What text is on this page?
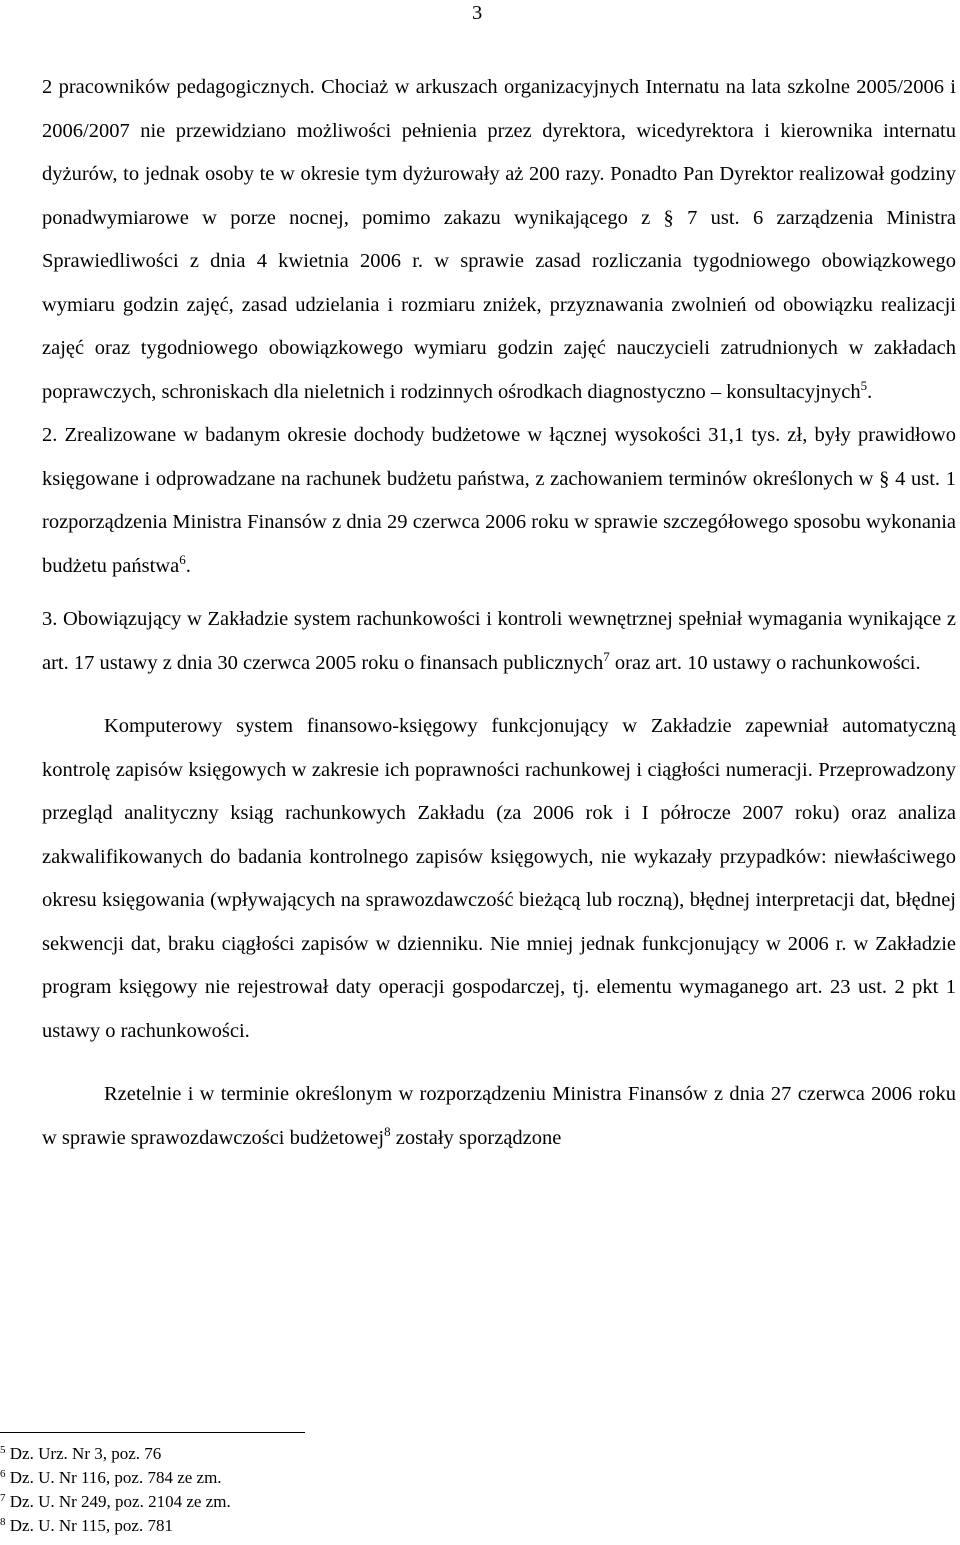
3

2 pracowników pedagogicznych. Chociaż w arkuszach organizacyjnych Internatu na lata szkolne 2005/2006 i 2006/2007 nie przewidziano możliwości pełnienia przez dyrektora, wicedyrektora i kierownika internatu dyżurów, to jednak osoby te w okresie tym dyżurowały aż 200 razy. Ponadto Pan Dyrektor realizował godziny ponadwymiarowe w porze nocnej, pomimo zakazu wynikającego z § 7 ust. 6 zarządzenia Ministra Sprawiedliwości z dnia 4 kwietnia 2006 r. w sprawie zasad rozliczania tygodniowego obowiązkowego wymiaru godzin zajęć, zasad udzielania i rozmiaru zniżek, przyznawania zwolnień od obowiązku realizacji zajęć oraz tygodniowego obowiązkowego wymiaru godzin zajęć nauczycieli zatrudnionych w zakładach poprawczych, schroniskach dla nieletnich i rodzinnych ośrodkach diagnostyczno – konsultacyjnych$^5$.

2. Zrealizowane w badanym okresie dochody budżetowe w łącznej wysokości 31,1 tys. zł, były prawidłowo księgowane i odprowadzane na rachunek budżetu państwa, z zachowaniem terminów określonych w § 4 ust. 1 rozporządzenia Ministra Finansów z dnia 29 czerwca 2006 roku w sprawie szczegółowego sposobu wykonania budżetu państwa$^6$.

3. Obowiązujący w Zakładzie system rachunkowości i kontroli wewnętrznej spełniał wymagania wynikające z art. 17 ustawy z dnia 30 czerwca 2005 roku o finansach publicznych$^7$ oraz art. 10 ustawy o rachunkowości.

Komputerowy system finansowo-księgowy funkcjonujący w Zakładzie zapewniał automatyczną kontrolę zapisów księgowych w zakresie ich poprawności rachunkowej i ciągłości numeracji. Przeprowadzony przegląd analityczny ksiąg rachunkowych Zakładu (za 2006 rok i I półrocze 2007 roku) oraz analiza zakwalifikowanych do badania kontrolnego zapisów księgowych, nie wykazały przypadków: niewłaściwego okresu księgowania (wpływających na sprawozdawczość bieżącą lub roczną), błędnej interpretacji dat, błędnej sekwencji dat, braku ciągłości zapisów w dzienniku. Nie mniej jednak funkcjonujący w 2006 r. w Zakładzie program księgowy nie rejestrował daty operacji gospodarczej, tj. elementu wymaganego art. 23 ust. 2 pkt 1 ustawy o rachunkowości.

Rzetelnie i w terminie określonym w rozporządzeniu Ministra Finansów z dnia 27 czerwca 2006 roku w sprawie sprawozdawczości budżetowej$^8$ zostały sporządzone

$^5$ Dz. Urz. Nr 3, poz. 76
$^6$ Dz. U. Nr 116, poz. 784 ze zm.
$^7$ Dz. U. Nr 249, poz. 2104 ze zm.
$^8$ Dz. U. Nr 115, poz. 781
